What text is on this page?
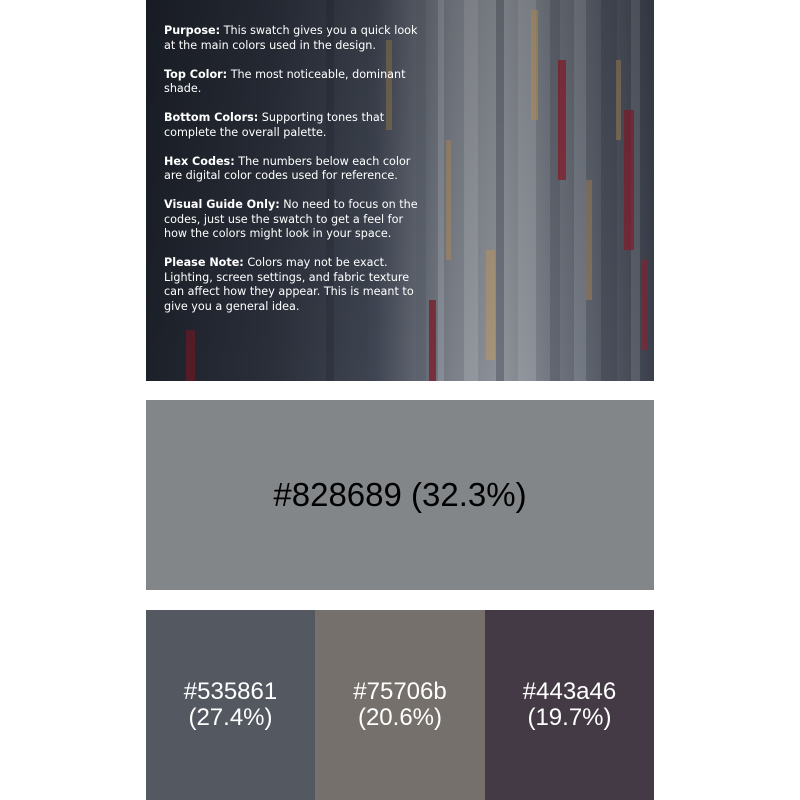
Purpose: This swatch gives you a quick look at the main colors used in the design.

Top Color: The most noticeable, dominant shade.

Bottom Colors: Supporting tones that complete the overall palette.

Hex Codes: The numbers below each color are digital color codes used for reference.

Visual Guide Only: No need to focus on the codes, just use the swatch to get a feel for how the colors might look in your space.

Please Note: Colors may not be exact. Lighting, screen settings, and fabric texture can affect how they appear. This is meant to give you a general idea.

#828689 (32.3%)
#535861
(27.4%)
#75706b
(20.6%)
#443a46
(19.7%)
